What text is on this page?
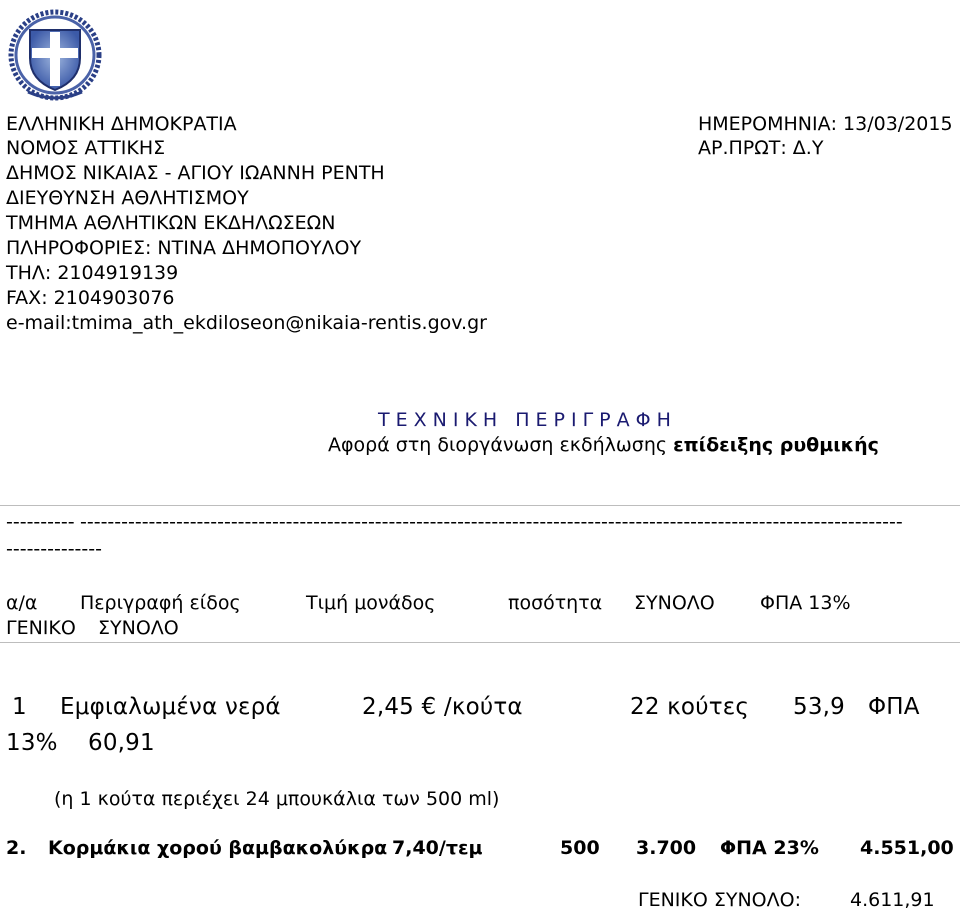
ΕΛΛΗΝΙΚΗ ΔΗΜΟΚΡΑΤΙΑ
ΝΟΜΟΣ ΑΤΤΙΚΗΣ
ΔΗΜΟΣ ΝΙΚΑΙΑΣ - ΑΓΙΟΥ ΙΩΑΝΝΗ ΡΕΝΤΗ
ΔΙΕΥΘΥΝΣΗ ΑΘΛΗΤΙΣΜΟΥ
ΤΜΗΜΑ ΑΘΛΗΤΙΚΩΝ ΕΚΔΗΛΩΣΕΩΝ
ΠΛΗΡΟΦΟΡΙΕΣ: ΝΤΙΝΑ ΔΗΜΟΠΟΥΛΟΥ
ΤΗΛ: 2104919139
FAX: 2104903076
e-mail:tmima_ath_ekdiloseon@nikaia-rentis.gov.gr
ΗΜΕΡΟΜΗΝΙΑ: 13/03/2015
ΑΡ.ΠΡΩΤ: Δ.Υ
ΤΕΧΝΙΚΗ ΠΕΡΙΓΡΑΦΗ
Αφορά στη διοργάνωση εκδήλωσης επίδειξης ρυθμικής
---------- ------------------------------------------------------------------------------------------------------------------------
--------------
α/α Περιγραφή είδος	Τιμή μονάδος	ποσότητα ΣΥΝΟΛΟ ΦΠΑ 13%
ΓΕΝΙΚΟ ΣΥΝΟΛΟ
1 Εμφιαλωμένα νερά	2,45 € /κούτα	22 κούτες 53,9 ΦΠΑ
13% 60,91
(η 1 κούτα περιέχει 24 μπουκάλια των 500 ml)
2. Κορμάκια χορού βαμβακολύκρα 7,40/τεμ	500 3.700 ΦΠΑ 23% 4.551,00
ΓΕΝΙΚΟ ΣΥΝΟΛΟ:	4.611,91
